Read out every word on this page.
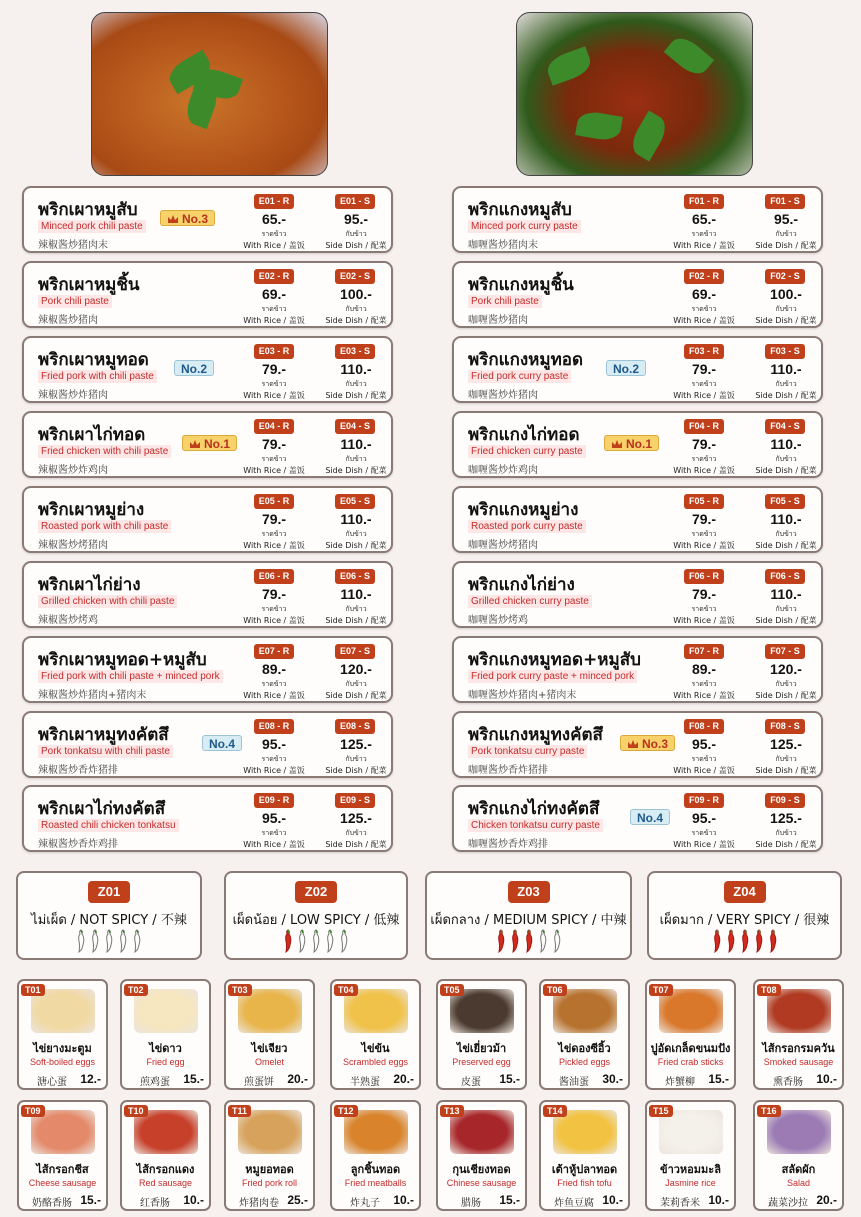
พริกเผาหมูสับ
Minced pork chili paste
辣椒酱炒猪肉末
No.3
E01 - R	E01 - S
65.-	95.-
ราดข้าว
With Rice / 盖饭
กับข้าว
Side Dish / 配菜
พริกเผาหมูชิ้น
Pork chili paste
辣椒酱炒猪肉
E02 - R	E02 - S
69.-	100.-
ราดข้าว
With Rice / 盖饭
กับข้าว
Side Dish / 配菜
พริกเผาหมูทอด
Fried pork with chili paste
辣椒酱炒炸猪肉
No.2
E03 - R	E03 - S
79.-	110.-
ราดข้าว
With Rice / 盖饭
กับข้าว
Side Dish / 配菜
พริกเผาไก่ทอด
Fried chicken with chili paste
辣椒酱炒炸鸡肉
No.1
E04 - R	E04 - S
79.-	110.-
ราดข้าว
With Rice / 盖饭
กับข้าว
Side Dish / 配菜
พริกเผาหมูย่าง
Roasted pork with chili paste
辣椒酱炒烤猪肉
E05 - R	E05 - S
79.-	110.-
ราดข้าว
With Rice / 盖饭
กับข้าว
Side Dish / 配菜
พริกเผาไก่ย่าง
Grilled chicken with chili paste
辣椒酱炒烤鸡
E06 - R	E06 - S
79.-	110.-
ราดข้าว
With Rice / 盖饭
กับข้าว
Side Dish / 配菜
พริกเผาหมูทอด+หมูสับ
Fried pork with chili paste + minced pork
辣椒酱炒炸猪肉+猪肉末
E07 - R	E07 - S
89.-	120.-
ราดข้าว
With Rice / 盖饭
กับข้าว
Side Dish / 配菜
พริกเผาหมูทงคัตสึ
Pork tonkatsu with chili paste
辣椒酱炒香炸猪排
No.4
E08 - R	E08 - S
95.-	125.-
ราดข้าว
With Rice / 盖饭
กับข้าว
Side Dish / 配菜
พริกเผาไก่ทงคัตสึ
Roasted chili chicken tonkatsu
辣椒酱炒香炸鸡排
E09 - R	E09 - S
95.-	125.-
ราดข้าว
With Rice / 盖饭
กับข้าว
Side Dish / 配菜
พริกแกงหมูสับ
Minced pork curry paste
咖喱酱炒猪肉末
F01 - R	F01 - S
65.-	95.-
ราดข้าว
With Rice / 盖饭
กับข้าว
Side Dish / 配菜
พริกแกงหมูชิ้น
Pork chili paste
咖喱酱炒猪肉
F02 - R	F02 - S
69.-	100.-
ราดข้าว
With Rice / 盖饭
กับข้าว
Side Dish / 配菜
พริกแกงหมูทอด
Fried pork curry paste
咖喱酱炒炸猪肉
No.2
F03 - R	F03 - S
79.-	110.-
ราดข้าว
With Rice / 盖饭
กับข้าว
Side Dish / 配菜
พริกแกงไก่ทอด
Fried chicken curry paste
咖喱酱炒炸鸡肉
No.1
F04 - R	F04 - S
79.-	110.-
ราดข้าว
With Rice / 盖饭
กับข้าว
Side Dish / 配菜
พริกแกงหมูย่าง
Roasted pork curry paste
咖喱酱炒烤猪肉
F05 - R	F05 - S
79.-	110.-
ราดข้าว
With Rice / 盖饭
กับข้าว
Side Dish / 配菜
พริกแกงไก่ย่าง
Grilled chicken curry paste
咖喱酱炒烤鸡
F06 - R	F06 - S
79.-	110.-
ราดข้าว
With Rice / 盖饭
กับข้าว
Side Dish / 配菜
พริกแกงหมูทอด+หมูสับ
Fried pork curry paste + minced pork
咖喱酱炒炸猪肉+猪肉末
F07 - R	F07 - S
89.-	120.-
ราดข้าว
With Rice / 盖饭
กับข้าว
Side Dish / 配菜
พริกแกงหมูทงคัตสึ
Pork tonkatsu curry paste
咖喱酱炒香炸猪排
No.3
F08 - R	F08 - S
95.-	125.-
ราดข้าว
With Rice / 盖饭
กับข้าว
Side Dish / 配菜
พริกแกงไก่ทงคัตสึ
Chicken tonkatsu curry paste
咖喱酱炒香炸鸡排
No.4
F09 - R	F09 - S
95.-	125.-
ราดข้าว
With Rice / 盖饭
กับข้าว
Side Dish / 配菜
Z01
ไม่เผ็ด / NOT SPICY / 不辣
Z02
เผ็ดน้อย / LOW SPICY / 低辣
Z03
เผ็ดกลาง / MEDIUM SPICY / 中辣
Z04
เผ็ดมาก / VERY SPICY / 很辣
T01
ไข่ยางมะตูม
Soft-boiled eggs
溏心蛋	12.-
T02
ไข่ดาว
Fried egg
煎鸡蛋	15.-
T03
ไข่เจียว
Omelet
煎蛋饼	20.-
T04
ไข่ข้น
Scrambled eggs
半熟蛋	20.-
T05
ไข่เยี่ยวม้า
Preserved egg
皮蛋	15.-
T06
ไข่ดองซีอิ้ว
Pickled eggs
酱油蛋	30.-
T07
ปูอัดเกล็ดขนมปัง
Fried crab sticks
炸蟹柳	15.-
T08
ไส้กรอกรมควัน
Smoked sausage
熏香肠	10.-
T09
ไส้กรอกชีส
Cheese sausage
奶酪香肠 15.-
T10
ไส้กรอกแดง
Red sausage
红香肠	10.-
T11
หมูยอทอด
Fried pork roll
炸猪肉卷 25.-
T12
ลูกชิ้นทอด
Fried meatballs
炸丸子	10.-
T13
กุนเชียงทอด
Chinese sausage
腊肠	15.-
T14
เต้าหู้ปลาทอด
Fried fish tofu
炸鱼豆腐 10.-
T15
ข้าวหอมมะลิ
Jasmine rice
茉莉香米 10.-
T16
สลัดผัก
Salad
蔬菜沙拉 20.-
